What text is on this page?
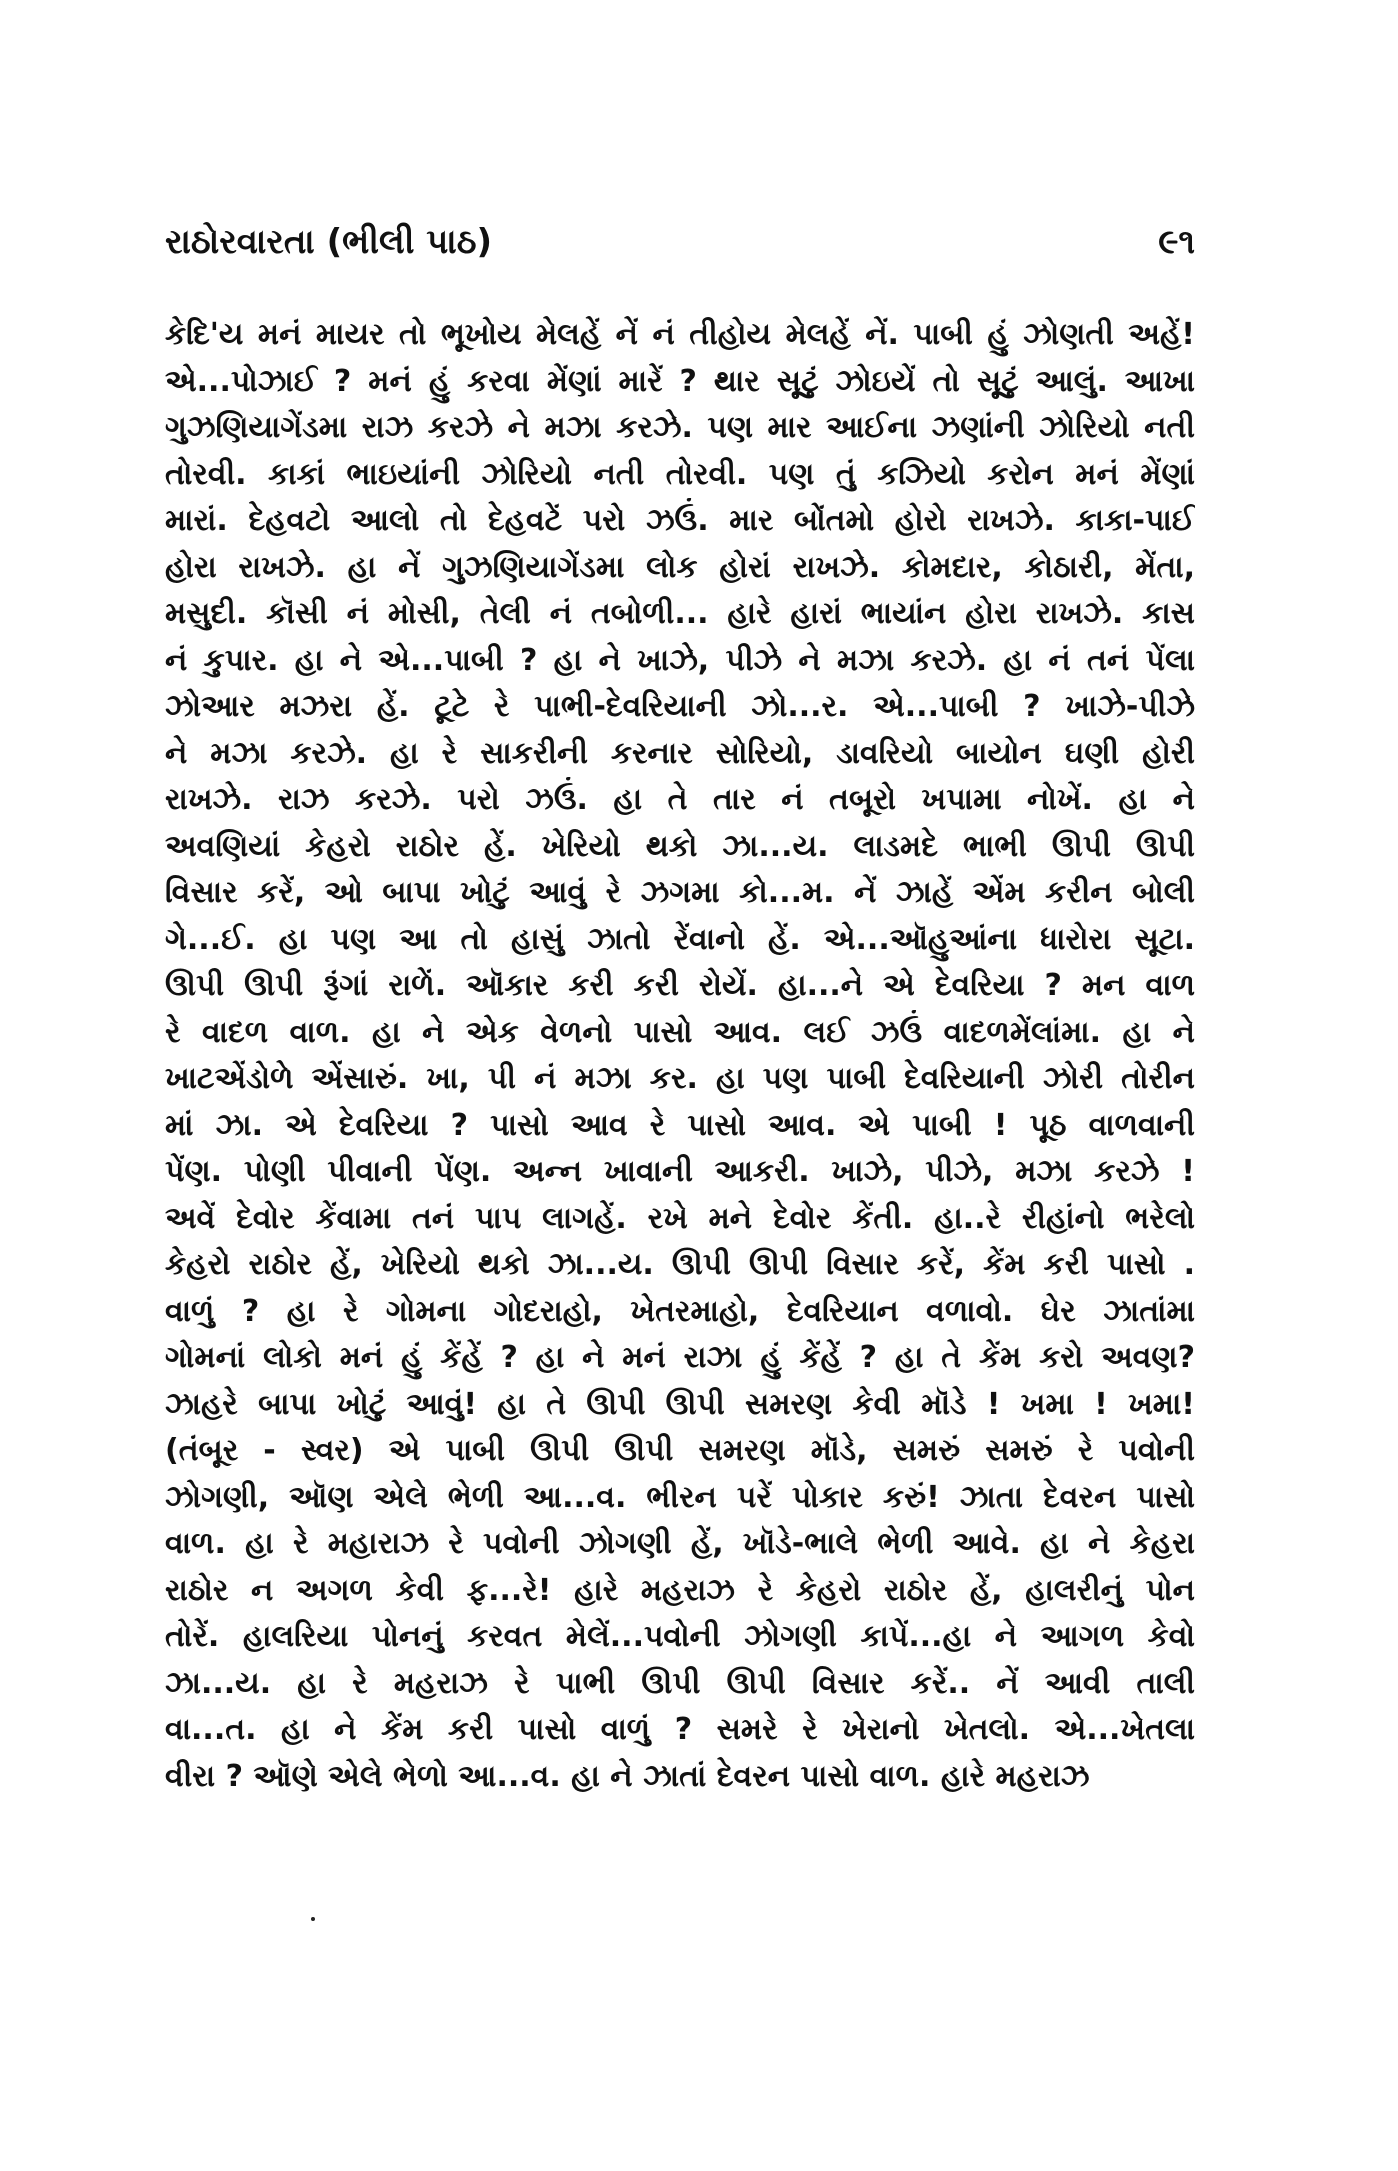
રાઠોરવારતા (ભીલી પાઠ)	૯૧
કેદિ'ય મનં માયર તો ભૂખોય મેલહેં નેં નં તીહોય મેલહેં નેં. પાબી હું ઝોણતી અહેં!
એ...પોઝાઈ ? મનં હું કરવા મેંણાં મારેં ? થાર સૂટું ઝોઇયેં તો સૂટું આલું. આખા
ગુઝણિયાગેંડમા રાઝ કરઝે ને મઝા કરઝે. પણ માર આઈના ઝણાંની ઝોરિયો નતી
તોરવી. કાકાં ભાઇયાંની ઝોરિયો નતી તોરવી. પણ તું કઝિયો કરોન મનં મેંણાં
મારાં. દેહવટો આલો તો દેહવટેં પરો ઝઉં. માર બોંતમો હોરો રાખઝે. કાકા-પાઈ
હોરા રાખઝે. હા નેં ગુઝણિયાગેંડમા લોક હોરાં રાખઝે. કોમદાર, કોઠારી, મેંતા,
મસુદી. કૉસી નં મોસી, તેલી નં તબોળી... હારે હારાં ભાયાંન હોરા રાખઝે. કાસ
નં કુપાર. હા ને એ...પાબી ? હા ને ખાઝે, પીઝે ને મઝા કરઝે. હા નં તનં પેંલા
ઝોઆર મઝરા હેં. ટૂટે રે પાભી-દેવરિયાની ઝો...ર. એ...પાબી ? ખાઝે-પીઝે
ને મઝા કરઝે. હા રે સાકરીની કરનાર સોરિયો, ડાવરિયો બાયોન ઘણી હોરી
રાખઝે. રાઝ કરઝે. પરો ઝઉં. હા તે તાર નં તબૂરો ખપામા નોખેં. હા ને
અવણિયાં કેહરો રાઠોર હેં. ખેરિયો થકો ઝા...ય. લાડમદે ભાભી ઊપી ઊપી
વિસાર કરેં, ઓ બાપા ખોટું આવું રે ઝગમા કો...મ. નેં ઝાહેં એંમ કરીન બોલી
ગે...ઈ. હા પણ આ તો હાસું ઝાતો રેંવાનો હેં. એ...ઑહુઆંના ધારોરા સૂટા.
ઊપી ઊપી રૂંગાં રાળેં. ઑકાર કરી કરી રોયેં. હા...ને એ દેવરિયા ? મન વાળ
રે વાદળ વાળ. હા ને એક વેળનો પાસો આવ. લઈ ઝઉં વાદળમેંલાંમા. હા ને
ખાટએંડોળે એંસારું. ખા, પી નં મઝા કર. હા પણ પાબી દેવરિયાની ઝોરી તોરીન
માં ઝા. એ દેવરિયા ? પાસો આવ રે પાસો આવ. એ પાબી ! પૂઠ વાળવાની
પેંણ. પોણી પીવાની પેંણ. અન્ન ખાવાની આકરી. ખાઝે, પીઝે, મઝા કરઝે !
અવેં દેવોર કેંવામા તનં પાપ લાગહેં. રખે મને દેવોર કેંતી. હા..રે રીહાંનો ભરેલો
કેહરો રાઠોર હેં, ખેરિયો થકો ઝા...ય. ઊપી ઊપી વિસાર કરેં, કેંમ કરી પાસો .
વાળું ? હા રે ગોમના ગોદરાહો, ખેતરમાહો, દેવરિયાન વળાવો. ઘેર ઝાતાંમા
ગોમનાં લોકો મનં હું કેંહેં ? હા ને મનં રાઝા હું કેંહેં ? હા તે કેંમ કરો અવણ?
ઝાહરે બાપા ખોટું આવું! હા તે ઊપી ઊપી સમરણ કેવી મૉડે ! ખમા ! ખમા!
(તંબૂર - સ્વર) એ પાબી ઊપી ઊપી સમરણ મૉડે, સમરું સમરું રે પવોની
ઝોગણી, ઑણ એલે ભેળી આ...વ. ભીરન પરેં પોકાર કરું! ઝાતા દેવરન પાસો
વાળ. હા રે મહારાઝ રે પવોની ઝોગણી હેં, ખૉડે-ભાલે ભેળી આવે. હા ને કેહરા
રાઠોર ન અગળ કેવી ફ...રે! હારે મહરાઝ રે કેહરો રાઠોર હેં, હાલરીનું પોન
તોરેં. હાલરિયા પોનનું કરવત મેલેં...પવોની ઝોગણી કાપેં...હા ને આગળ કેવો
ઝા...ય. હા રે મહરાઝ રે પાભી ઊપી ઊપી વિસાર કરેં.. નેં આવી તાલી
વા...ત. હા ને કેંમ કરી પાસો વાળું ? સમરે રે ખેરાનો ખેતલો. એ...ખેતલા
વીરા ? ઑણે એલે ભેળો આ...વ. હા ને ઝાતાં દેવરન પાસો વાળ. હારે મહરાઝ
